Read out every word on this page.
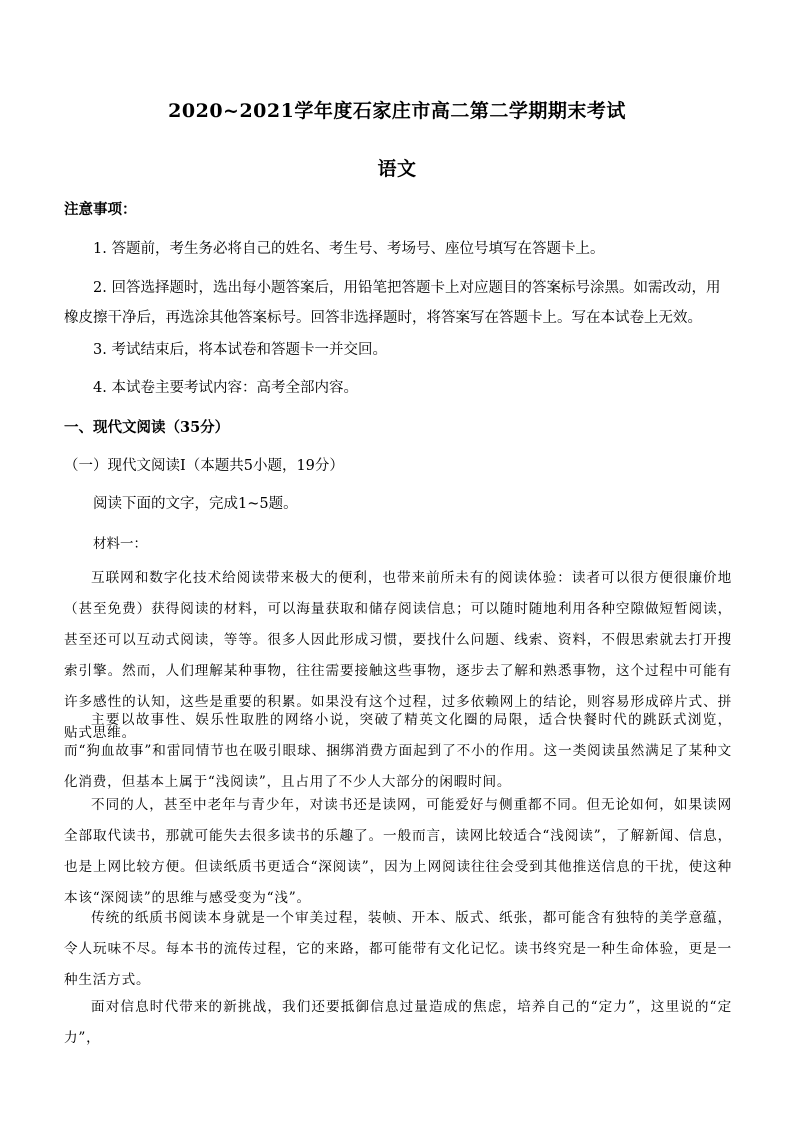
2020~2021学年度石家庄市高二第二学期期末考试
语文
注意事项：
1. 答题前，考生务必将自己的姓名、考生号、考场号、座位号填写在答题卡上。
2. 回答选择题时，选出每小题答案后，用铅笔把答题卡上对应题目的答案标号涂黑。如需改动，用橡皮擦干净后，再选涂其他答案标号。回答非选择题时，将答案写在答题卡上。写在本试卷上无效。
3. 考试结束后，将本试卷和答题卡一并交回。
4. 本试卷主要考试内容：高考全部内容。
一、现代文阅读（35分）
（一）现代文阅读Ⅰ（本题共5小题，19分）
阅读下面的文字，完成1~5题。
材料一：
互联网和数字化技术给阅读带来极大的便利，也带来前所未有的阅读体验：读者可以很方便很廉价地（甚至免费）获得阅读的材料，可以海量获取和储存阅读信息；可以随时随地利用各种空隙做短暂阅读，甚至还可以互动式阅读，等等。很多人因此形成习惯，要找什么问题、线索、资料，不假思索就去打开搜索引擎。然而，人们理解某种事物，往往需要接触这些事物，逐步去了解和熟悉事物，这个过程中可能有许多感性的认知，这些是重要的积累。如果没有这个过程，过多依赖网上的结论，则容易形成碎片式、拼贴式思维。
主要以故事性、娱乐性取胜的网络小说，突破了精英文化圈的局限，适合快餐时代的跳跃式浏览，而“狗血故事”和雷同情节也在吸引眼球、捆绑消费方面起到了不小的作用。这一类阅读虽然满足了某种文化消费，但基本上属于“浅阅读”，且占用了不少人大部分的闲暇时间。
不同的人，甚至中老年与青少年，对读书还是读网，可能爱好与侧重都不同。但无论如何，如果读网全部取代读书，那就可能失去很多读书的乐趣了。一般而言，读网比较适合“浅阅读”，了解新闻、信息，也是上网比较方便。但读纸质书更适合“深阅读”，因为上网阅读往往会受到其他推送信息的干扰，使这种本该“深阅读”的思维与感受变为“浅”。
传统的纸质书阅读本身就是一个审美过程，装帧、开本、版式、纸张，都可能含有独特的美学意蕴，令人玩味不尽。每本书的流传过程，它的来路，都可能带有文化记忆。读书终究是一种生命体验，更是一种生活方式。
面对信息时代带来的新挑战，我们还要抵御信息过量造成的焦虑，培养自己的“定力”，这里说的“定力”，
